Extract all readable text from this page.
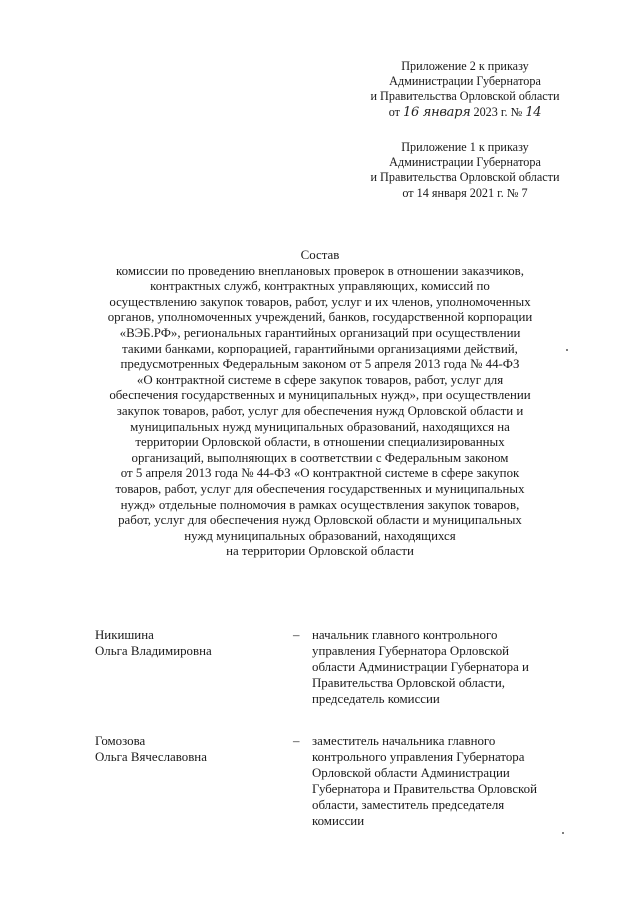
Приложение 2 к приказу
Администрации Губернатора
и Правительства Орловской области
от 16 января 2023 г. № 14
Приложение 1 к приказу
Администрации Губернатора
и Правительства Орловской области
от 14 января 2021 г. № 7
Состав
комиссии по проведению внеплановых проверок в отношении заказчиков,
контрактных служб, контрактных управляющих, комиссий по
осуществлению закупок товаров, работ, услуг и их членов, уполномоченных
органов, уполномоченных учреждений, банков, государственной корпорации
«ВЭБ.РФ», региональных гарантийных организаций при осуществлении
такими банками, корпорацией, гарантийными организациями действий,
предусмотренных Федеральным законом от 5 апреля 2013 года № 44-ФЗ
«О контрактной системе в сфере закупок товаров, работ, услуг для
обеспечения государственных и муниципальных нужд», при осуществлении
закупок товаров, работ, услуг для обеспечения нужд Орловской области и
муниципальных нужд муниципальных образований, находящихся на
территории Орловской области, в отношении специализированных
организаций, выполняющих в соответствии с Федеральным законом
от 5 апреля 2013 года № 44-ФЗ «О контрактной системе в сфере закупок
товаров, работ, услуг для обеспечения государственных и муниципальных
нужд» отдельные полномочия в рамках осуществления закупок товаров,
работ, услуг для обеспечения нужд Орловской области и муниципальных
нужд муниципальных образований, находящихся
на территории Орловской области
Никишина
Ольга Владимировна
– начальник главного контрольного
управления Губернатора Орловской
области Администрации Губернатора и
Правительства Орловской области,
председатель комиссии
Гомозова
Ольга Вячеславовна
– заместитель начальника главного
контрольного управления Губернатора
Орловской области Администрации
Губернатора и Правительства Орловской
области, заместитель председателя
комиссии
